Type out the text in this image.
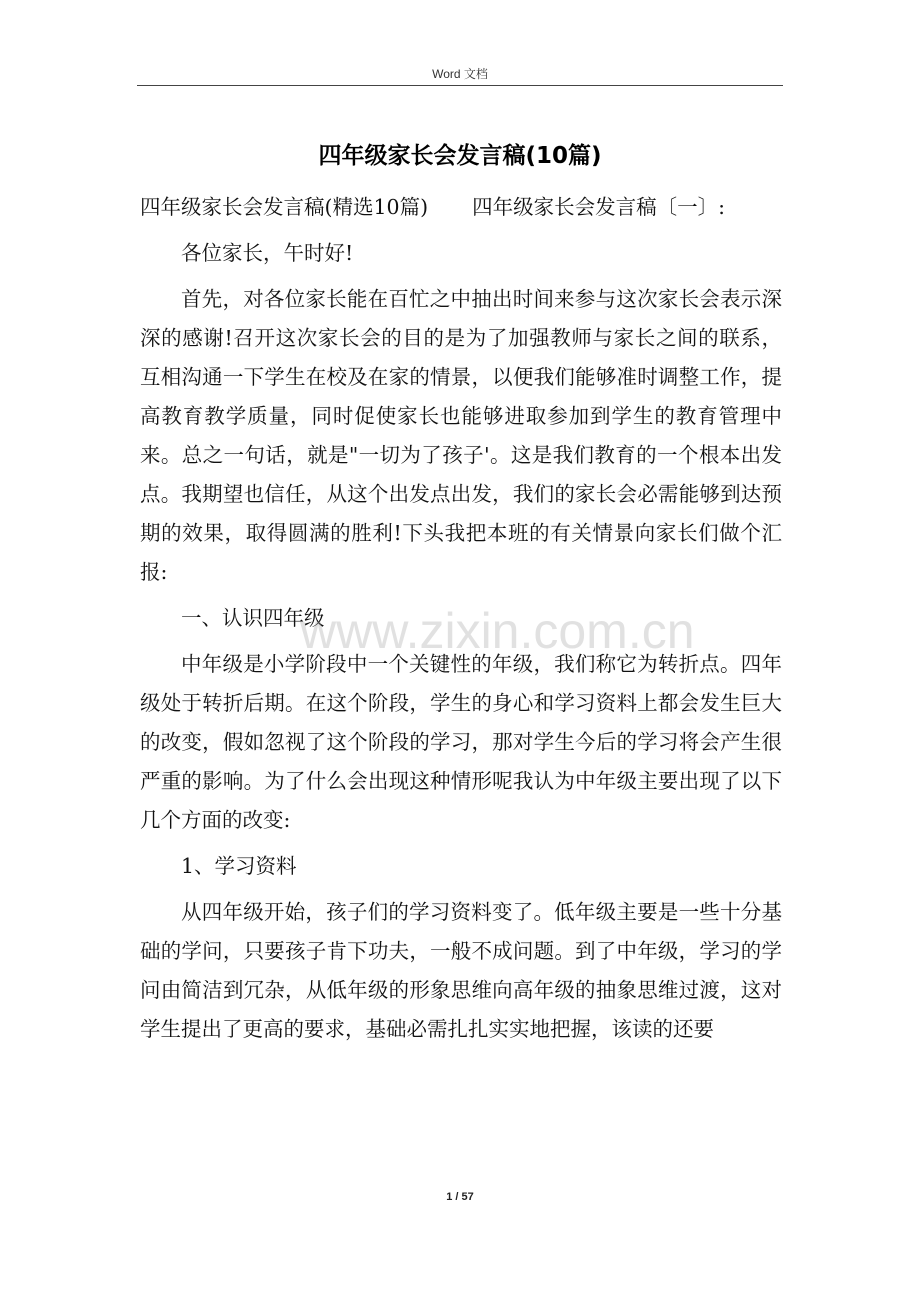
Word 文档
四年级家长会发言稿(10篇)

四年级家长会发言稿(精选10篇) 四年级家长会发言稿〔一〕:

各位家长，午时好!

首先，对各位家长能在百忙之中抽出时间来参与这次家长会表示深深的感谢!召开这次家长会的目的是为了加强教师与家长之间的联系，互相沟通一下学生在校及在家的情景，以便我们能够准时调整工作，提高教育教学质量，同时促使家长也能够进取参加到学生的教育管理中来。总之一句话，就是"一切为了孩子'。这是我们教育的一个根本出发点。我期望也信任，从这个出发点出发，我们的家长会必需能够到达预期的效果，取得圆满的胜利!下头我把本班的有关情景向家长们做个汇报:

一、认识四年级

中年级是小学阶段中一个关键性的年级，我们称它为转折点。四年级处于转折后期。在这个阶段，学生的身心和学习资料上都会发生巨大的改变，假如忽视了这个阶段的学习，那对学生今后的学习将会产生很严重的影响。为了什么会出现这种情形呢我认为中年级主要出现了以下几个方面的改变:

1、学习资料

从四年级开始，孩子们的学习资料变了。低年级主要是一些十分基础的学问，只要孩子肯下功夫，一般不成问题。到了中年级，学习的学问由简洁到冗杂，从低年级的形象思维向高年级的抽象思维过渡，这对学生提出了更高的要求，基础必需扎扎实实地把握，该读的还要

www.zixin.com.cn
1 / 57
